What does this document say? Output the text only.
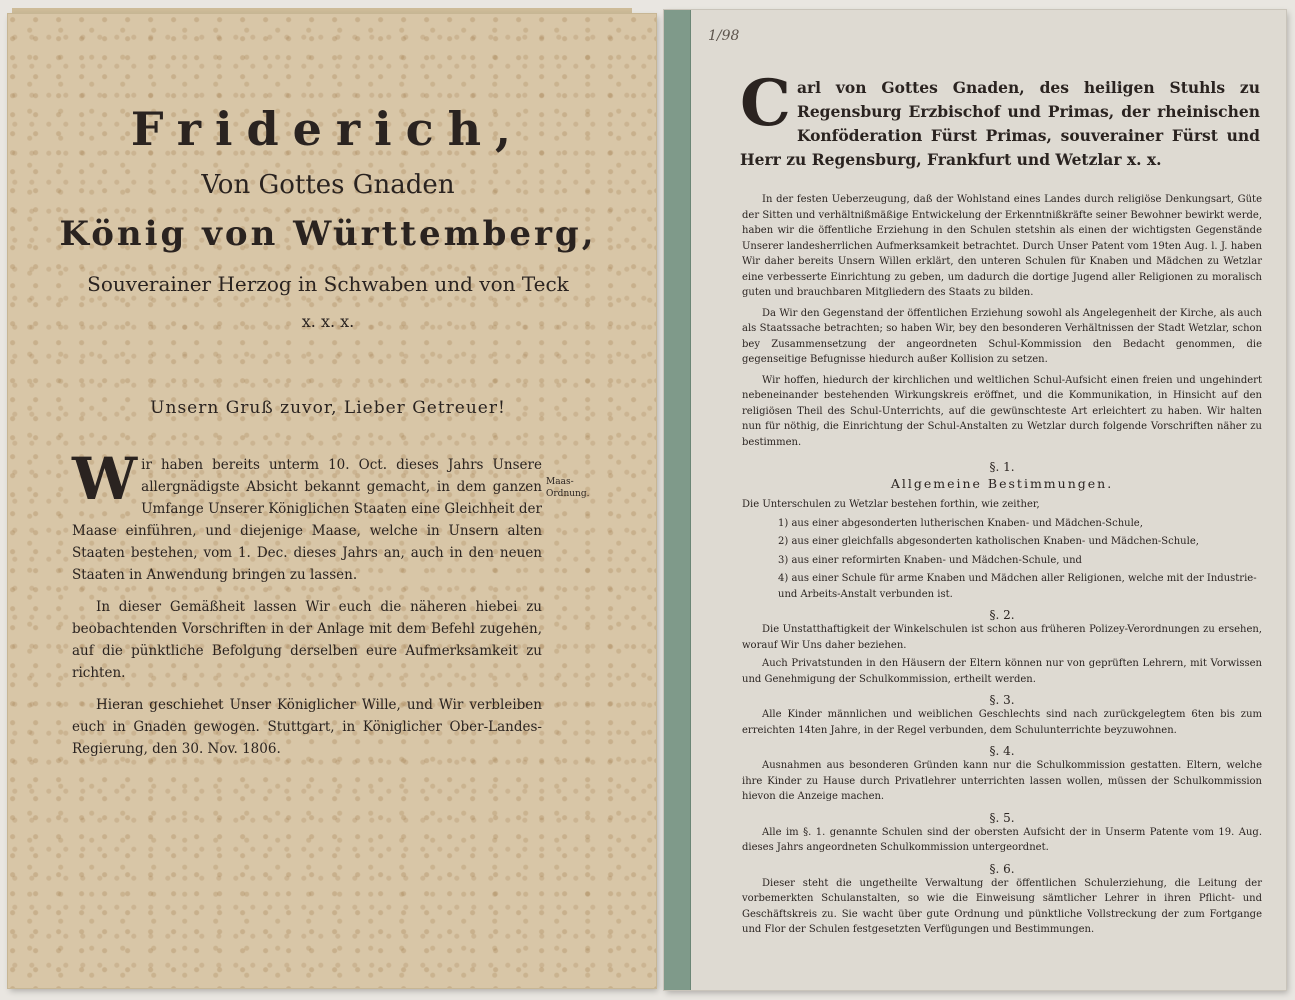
Friderich,
Von Gottes Gnaden
König von Württemberg,
Souverainer Herzog in Schwaben und von Teck
x. x. x.
Unsern Gruß zuvor, Lieber Getreuer!

Wir haben bereits unterm 10. Oct. dieses Jahrs Unsere allergnädigste Absicht bekannt gemacht, in dem ganzen Umfange Unserer Königlichen Staaten eine Gleichheit der Maase einführen, und diejenige Maase, welche in Unsern alten Staaten bestehen, vom 1. Dec. dieses Jahrs an, auch in den neuen Staaten in Anwendung bringen zu lassen.

In dieser Gemäßheit lassen Wir euch die näheren hiebei zu beobachtenden Vorschriften in der Anlage mit dem Befehl zugehen, auf die pünktliche Befolgung derselben eure Aufmerksamkeit zu richten.

Hieran geschiehet Unser Königlicher Wille, und Wir verbleiben euch in Gnaden gewogen. Stuttgart, in Königlicher Ober-Landes-Regierung, den 30. Nov. 1806.

Maas-Ordnung.
1/98

Carl von Gottes Gnaden, des heiligen Stuhls zu Regensburg Erzbischof und Primas, der rheinischen Konföderation Fürst Primas, souverainer Fürst und Herr zu Regensburg, Frankfurt und Wetzlar x. x.

In der festen Ueberzeugung, daß der Wohlstand eines Landes durch religiöse Denkungsart, Güte der Sitten und verhältnißmäßige Entwickelung der Erkenntnißkräfte seiner Bewohner bewirkt werde, haben wir die öffentliche Erziehung in den Schulen stetshin als einen der wichtigsten Gegenstände Unserer landesherrlichen Aufmerksamkeit betrachtet. Durch Unser Patent vom 19ten Aug. l. J. haben Wir daher bereits Unsern Willen erklärt, den unteren Schulen für Knaben und Mädchen zu Wetzlar eine verbesserte Einrichtung zu geben, um dadurch die dortige Jugend aller Religionen zu moralisch guten und brauchbaren Mitgliedern des Staats zu bilden.

Da Wir den Gegenstand der öffentlichen Erziehung sowohl als Angelegenheit der Kirche, als auch als Staatssache betrachten; so haben Wir, bey den besonderen Verhältnissen der Stadt Wetzlar, schon bey Zusammensetzung der angeordneten Schul-Kommission den Bedacht genommen, die gegenseitige Befugnisse hiedurch außer Kollision zu setzen.

Wir hoffen, hiedurch der kirchlichen und weltlichen Schul-Aufsicht einen freien und ungehindert nebeneinander bestehenden Wirkungskreis eröffnet, und die Kommunikation, in Hinsicht auf den religiösen Theil des Schul-Unterrichts, auf die gewünschteste Art erleichtert zu haben. Wir halten nun für nöthig, die Einrichtung der Schul-Anstalten zu Wetzlar durch folgende Vorschriften näher zu bestimmen.

§. 1.

Allgemeine Bestimmungen.

Die Unterschulen zu Wetzlar bestehen forthin, wie zeither,

1) aus einer abgesonderten lutherischen Knaben- und Mädchen-Schule,

2) aus einer gleichfalls abgesonderten katholischen Knaben- und Mädchen-Schule,

3) aus einer reformirten Knaben- und Mädchen-Schule, und

4) aus einer Schule für arme Knaben und Mädchen aller Religionen, welche mit der Industrie- und Arbeits-Anstalt verbunden ist.

§. 2.

Die Unstatthaftigkeit der Winkelschulen ist schon aus früheren Polizey-Verordnungen zu ersehen, worauf Wir Uns daher beziehen.

Auch Privatstunden in den Häusern der Eltern können nur von geprüften Lehrern, mit Vorwissen und Genehmigung der Schulkommission, ertheilt werden.

§. 3.

Alle Kinder männlichen und weiblichen Geschlechts sind nach zurückgelegtem 6ten bis zum erreichten 14ten Jahre, in der Regel verbunden, dem Schulunterrichte beyzuwohnen.

§. 4.

Ausnahmen aus besonderen Gründen kann nur die Schulkommission gestatten. Eltern, welche ihre Kinder zu Hause durch Privatlehrer unterrichten lassen wollen, müssen der Schulkommission hievon die Anzeige machen.

§. 5.

Alle im §. 1. genannte Schulen sind der obersten Aufsicht der in Unserm Patente vom 19. Aug. dieses Jahrs angeordneten Schulkommission untergeordnet.

§. 6.

Dieser steht die ungetheilte Verwaltung der öffentlichen Schulerziehung, die Leitung der vorbemerkten Schulanstalten, so wie die Einweisung sämtlicher Lehrer in ihren Pflicht- und Geschäftskreis zu. Sie wacht über gute Ordnung und pünktliche Vollstreckung der zum Fortgange und Flor der Schulen festgesetzten Verfügungen und Bestimmungen.
